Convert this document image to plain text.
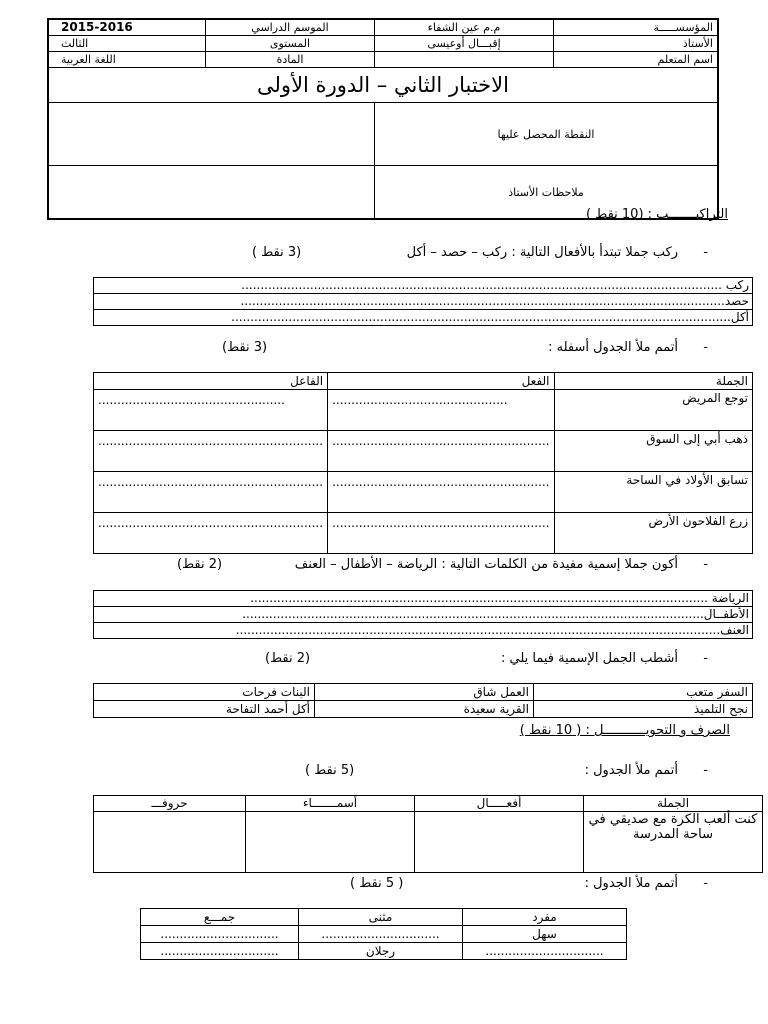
المؤسســـــة	م.م عين الشفاء	الموسم الدراسي	2015-2016
الأستاذ	إقبـــال أوعيسى	المستوى	الثالث
اسم المتعلم		المادة	اللغة العربية
الاختبار الثاني – الدورة الأولى			
النقطة المحصل عليها			
ملاحظات الأستاذ			
التراكيـــــــب : (10 نقط )
-
ركب جملا تبتدأ بالأفعال التالية : ركب – حصد – أكل
(3 نقط )
ركب ..............................................................................................................................
حصد...............................................................................................................................
أكل...................................................................................................................................
-
أتمم ملأ الجدول أسفله :
(3 نقط)
الجملة	الفعل	الفاعل
توجع المريض	..............................................	.................................................
ذهب أبي إلى السوق	.........................................................	...........................................................
تسابق الأولاد في الساحة	.........................................................	...........................................................
زرع الفلاحون الأرض	.........................................................	...........................................................
-
أكون جملا إسمية مفيدة من الكلمات التالية : الرياضة – الأطفال – العنف
(2 نقط)
الرياضة ........................................................................................................................
الأطفــال.........................................................................................................................
العنف...............................................................................................................................
-
أشطب الجمل الإسمية فيما يلي :
(2 نقط)
السفر متعب	العمل شاق	البنات فرحات
نجح التلميذ	القرية سعيدة	أكل أحمد التفاحة
الصرف و التحويـــــــــــل : ( 10 نقط )
-
أتمم ملأ الجدول :
(5 نقط )
الجملة	أفعـــــال	أسمـــــــاء	حروفـــ
كنت ألعب الكرة مع صديقي في ساحة المدرسة			
-
أتمم ملأ الجدول :
( 5 نقط )
مفرد	مثنى	جمـــع
سهل	...............................	...............................
...............................	رجلان	...............................
